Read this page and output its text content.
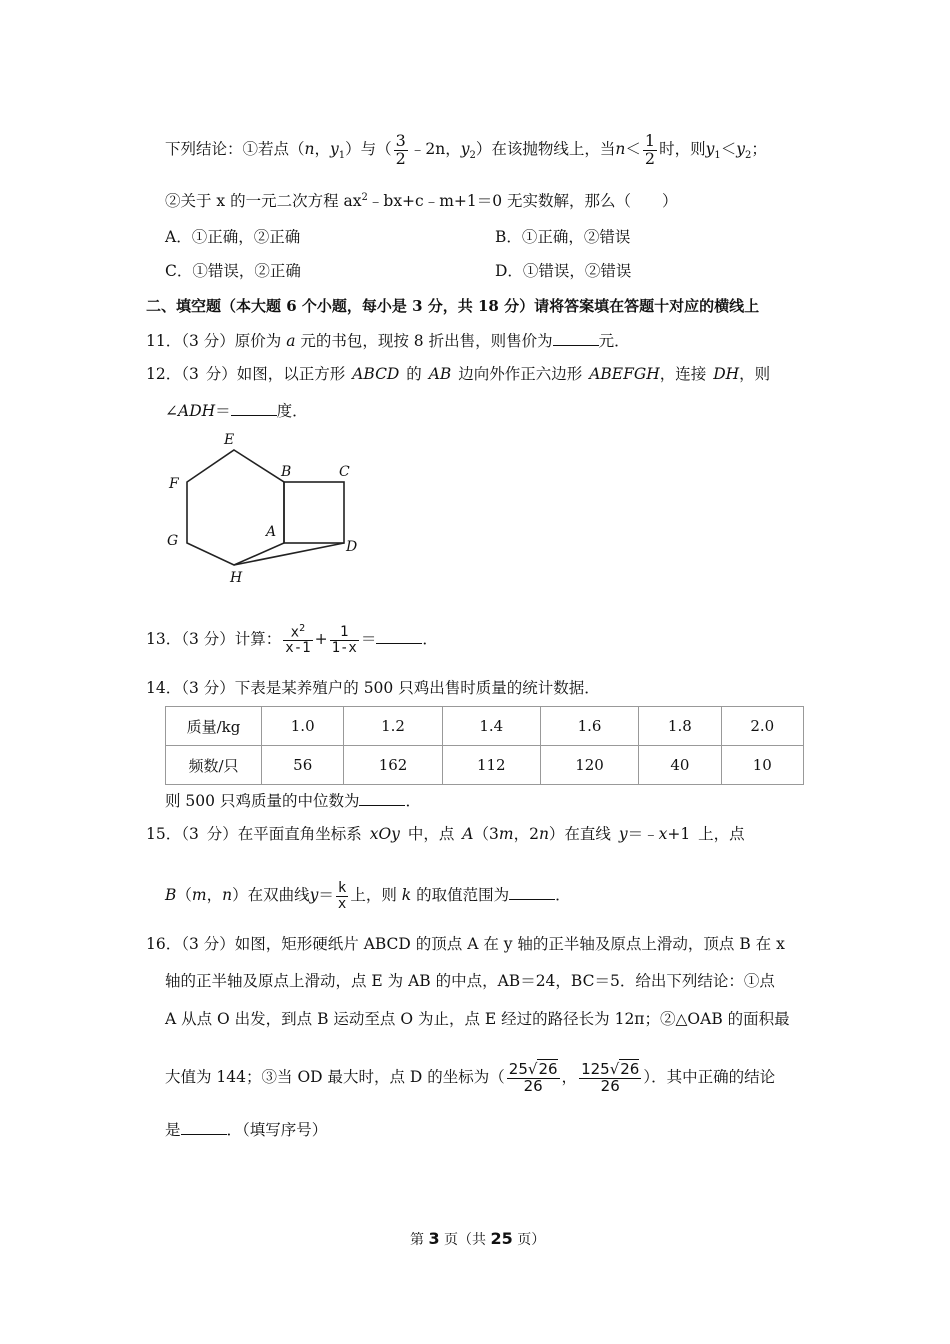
下列结论：①若点（n，$y_1$）与（ $\frac{3}{2}$ ﹣2n，$y_2$）在该抛物线上，当$n< \frac{1}{2}$ 时，则$y_1<y_2$；
②关于 x 的一元二次方程 $ax^2﹣bx+c﹣m+1=0$ 无实数解，那么（　　）
A．①正确，②正确	B．①正确，②错误
C．①错误，②正确	D．①错误，②错误
二、填空题（本大题 6 个小题，每小是 3 分，共 18 分）请将答案填在答题十对应的横线上
11．（3 分）原价为 a 元的书包，现按 8 折出售，则售价为	元．
12．（3 分）如图，以正方形 ABCD 的 AB 边向外作正六边形 ABEFGH，连接 DH，则
∠ADH＝	度．
E
F
G
H
B	C
A
D
13．（3 分）计算： $\frac{x^2}{x-1} + \frac{1}{1-x}$ ＝	．
14．（3 分）下表是某养殖户的 500 只鸡出售时质量的统计数据．
质量/kg	1.0	1.2	1.4	1.6	1.8	2.0
频数/只	56	162	112	120	40	10
则 500 只鸡质量的中位数为	．
15．（3 分）在平面直角坐标系 xOy 中，点 A（3m，2n）在直线 y＝﹣x+1 上，点
B（m，n）在双曲线$y= \frac{k}{x}$ 上，则 k 的取值范围为	．
16．（3 分）如图，矩形硬纸片 ABCD 的顶点 A 在 y 轴的正半轴及原点上滑动，顶点 B 在 x
轴的正半轴及原点上滑动，点 E 为 AB 的中点，AB＝24，BC＝5．给出下列结论：①点
A 从点 O 出发，到点 B 运动至点 O 为止，点 E 经过的路径长为 12π；②△OAB 的面积最
大值为 144；③当 OD 最大时，点 D 的坐标为（ $\frac{25√26}{26}$ ， $\frac{125√26}{26}$ ）．其中正确的结论
是	．（填写序号）
第 3 页（共 25 页）
